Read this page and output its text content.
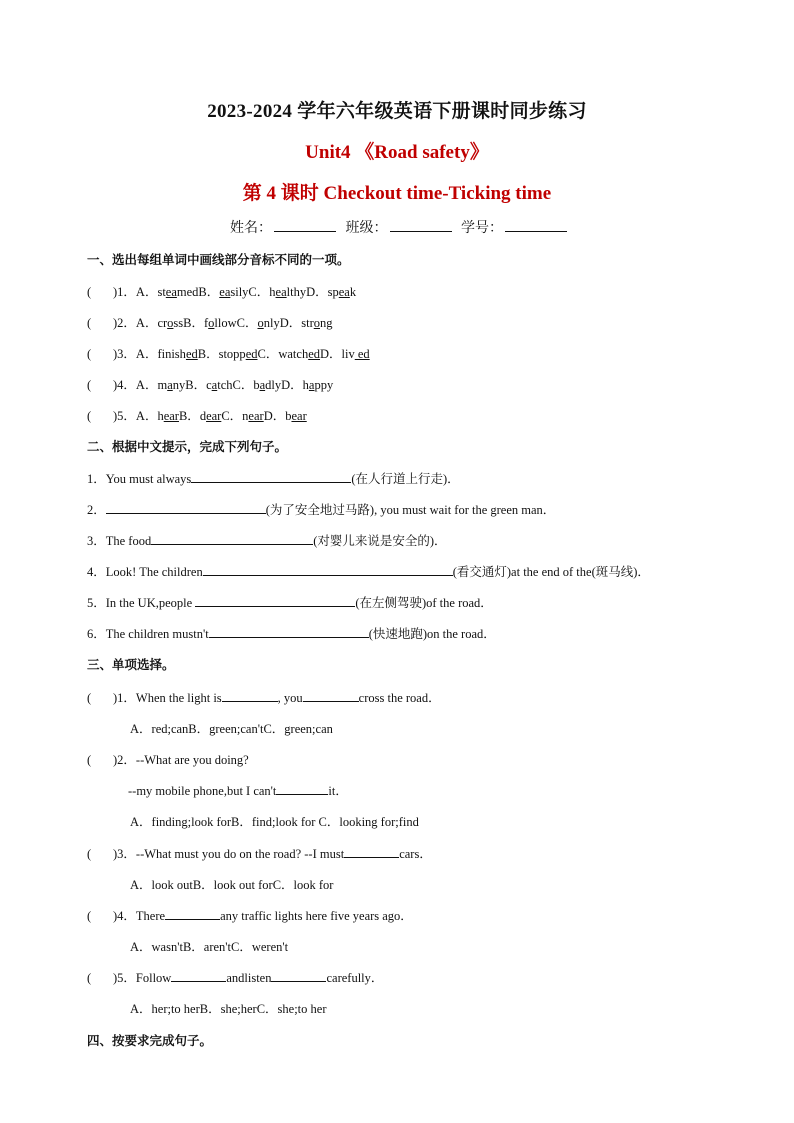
2023-2024 学年六年级英语下册课时同步练习
Unit4 《Road safety》
第 4 课时 Checkout time-Ticking time
姓名：	班级：	学号：
一、选出每组单词中画线部分音标不同的一项。
( )1．A．steamedB．easilyC．healthyD．speak
( )2．A．crossB．followC．onlyD．strong
( )3．A．finishedB．stoppedC．watchedD．liv ed
( )4．A．manyB．catchC．badlyD．happy
( )5．A．hearB．dearC．nearD．bear
二、根据中文提示，完成下列句子。
1．You must always	(在人行道上行走)．
2．	(为了安全地过马路), you must wait for the green man．
3．The food	(对婴儿来说是安全的)．
4．Look! The children	(看交通灯)at the end of the(斑马线)．
5．In the UK,people	(在左侧驾驶)of the road．
6．The children mustn't	(快速地跑)on the road．
三、单项选择。
( )1．When the light is	, you	cross the road．
A．red;canB．green;can'tC．green;can
( )2．--What are you doing?
--my mobile phone,but I can't	it．
A．finding;look forB．find;look for C．looking for;find
( )3．--What must you do on the road? --I must	cars．
A．look outB．look out forC．look for
( )4．There	any traffic lights here five years ago．
A．wasn'tB．aren'tC．weren't
( )5．Follow	andlisten	carefully．
A．her;to herB．she;herC．she;to her
四、按要求完成句子。
